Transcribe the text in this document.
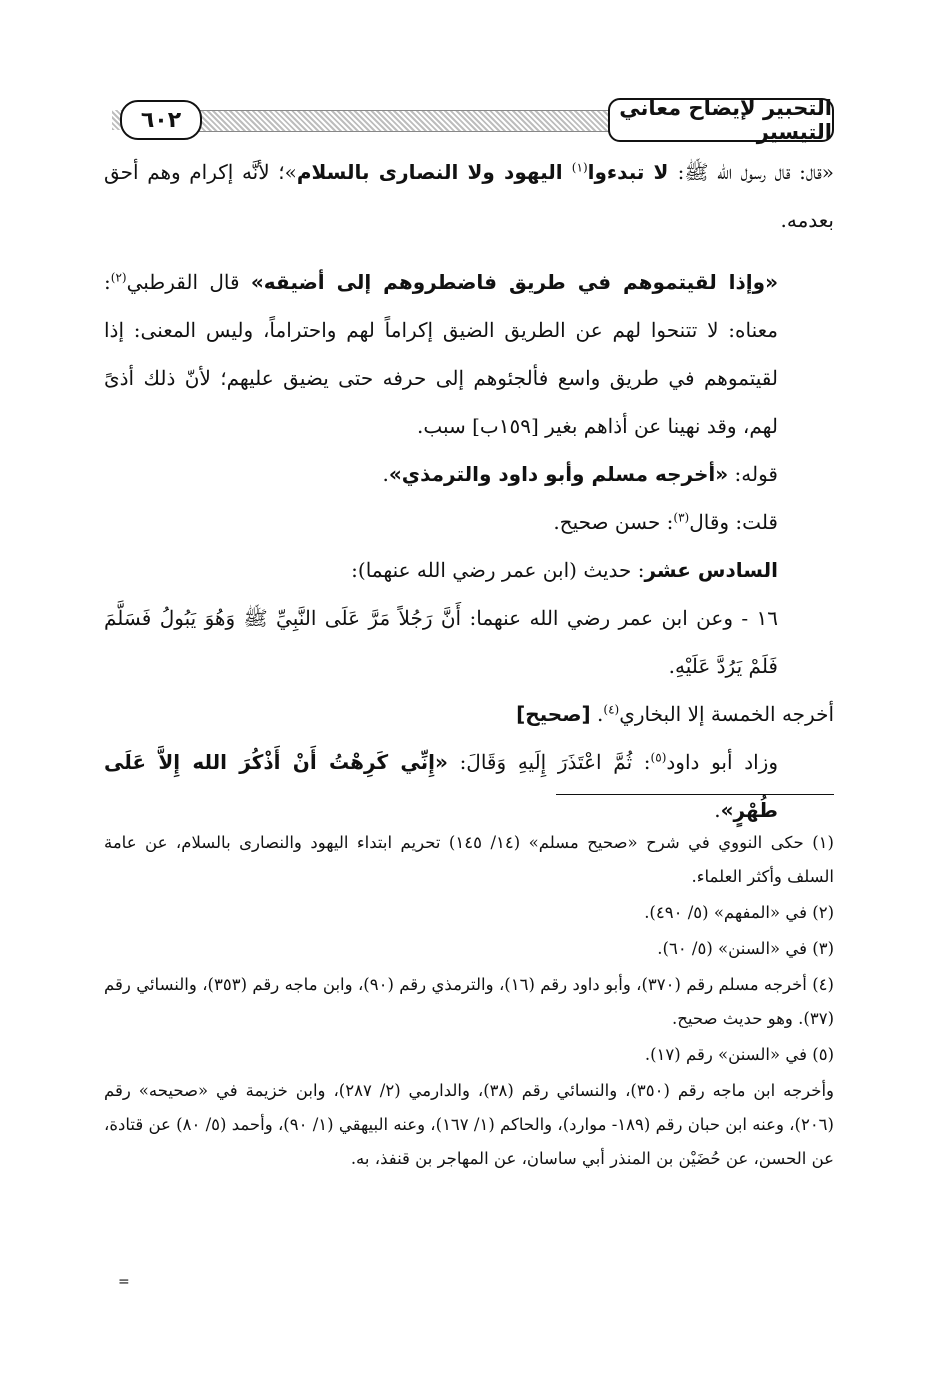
التحبير لإيضاح معاني التيسير
٦٠٢

«قال: قال رسول الله ﷺ: لا تبدءوا$^{(١)}$ اليهود ولا النصارى بالسلام»؛ لأنَّه إكرام وهم أحق بعدمه.

«وإذا لقيتموهم في طريق فاضطروهم إلى أضيقه» قال القرطبي$^{(٢)}$: معناه: لا تتنحوا لهم عن الطريق الضيق إكراماً لهم واحتراماً، وليس المعنى: إذا لقيتموهم في طريق واسع فألجئوهم إلى حرفه حتى يضيق عليهم؛ لأنّ ذلك أذىً لهم، وقد نهينا عن أذاهم بغير [١٥٩ب] سبب.

قوله: «أخرجه مسلم وأبو داود والترمذي».

قلت: وقال$^{(٣)}$: حسن صحيح.

السادس عشر: حديث (ابن عمر رضي الله عنهما):

١٦ - وعن ابن عمر رضي الله عنهما: أَنَّ رَجُلاً مَرَّ عَلَى النَّبِيِّ ﷺ وَهُوَ يَبُولُ فَسَلَّمَ فَلَمْ يَرُدَّ عَلَيْهِ.

أخرجه الخمسة إلا البخاري$^{(٤)}$. [صحيح]

وزاد أبو داود$^{(٥)}$: ثُمَّ اعْتَذَرَ إِلَيهِ وَقَالَ: «إِنِّي كَرِهْتُ أَنْ أَذْكُرَ الله إِلاَّ عَلَى طُهْرٍ».

(١) حكى النووي في شرح «صحيح مسلم» (١٤/ ١٤٥) تحريم ابتداء اليهود والنصارى بالسلام، عن عامة السلف وأكثر العلماء.

(٢) في «المفهم» (٥/ ٤٩٠).

(٣) في «السنن» (٥/ ٦٠).

(٤) أخرجه مسلم رقم (٣٧٠)، وأبو داود رقم (١٦)، والترمذي رقم (٩٠)، وابن ماجه رقم (٣٥٣)، والنسائي رقم (٣٧). وهو حديث صحيح.

(٥) في «السنن» رقم (١٧).

وأخرجه ابن ماجه رقم (٣٥٠)، والنسائي رقم (٣٨)، والدارمي (٢/ ٢٨٧)، وابن خزيمة في «صحيحه» رقم (٢٠٦)، وعنه ابن حبان رقم (١٨٩- موارد)، والحاكم (١/ ١٦٧)، وعنه البيهقي (١/ ٩٠)، وأحمد (٥/ ٨٠) عن قتادة، عن الحسن، عن حُضَيْن بن المنذر أبي ساسان، عن المهاجر بن قنفذ، به.

=
